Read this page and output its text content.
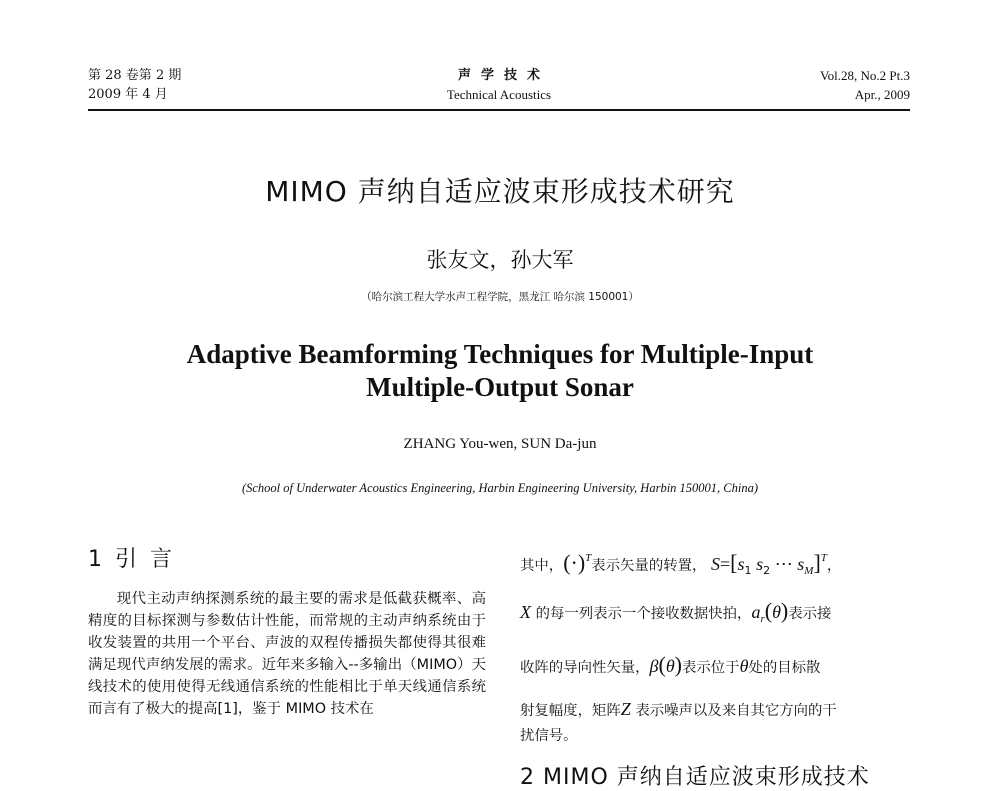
第 28 卷第 2 期
2009 年 4 月
声学技术
Technical Acoustics
Vol.28, No.2 Pt.3
Apr., 2009
MIMO 声纳自适应波束形成技术研究
张友文，孙大军
（哈尔滨工程大学水声工程学院，黑龙江 哈尔滨 150001）
Adaptive Beamforming Techniques for Multiple-Input
Multiple-Output Sonar
ZHANG You-wen, SUN Da-jun
(School of Underwater Acoustics Engineering, Harbin Engineering University, Harbin 150001, China)
1 引 言

现代主动声纳探测系统的最主要的需求是低截获概率、高精度的目标探测与参数估计性能，而常规的主动声纳系统由于收发装置的共用一个平台、声波的双程传播损失都使得其很难满足现代声纳发展的需求。近年来多输入--多输出（MIMO）天线技术的使用使得无线通信系统的性能相比于单天线通信系统而言有了极大的提高[1]，鉴于 MIMO 技术在

其中，$(\cdot)^T$表示矢量的转置， $S=[s_1$ $s_2$ ⋯ $s_M]^T$，
X 的每一列表示一个接收数据快拍，$a_r(\theta)$表示接
收阵的导向性矢量，β(θ)表示位于θ处的目标散
射复幅度，矩阵Z 表示噪声以及来自其它方向的干
扰信号。
2 MIMO 声纳自适应波束形成技术
